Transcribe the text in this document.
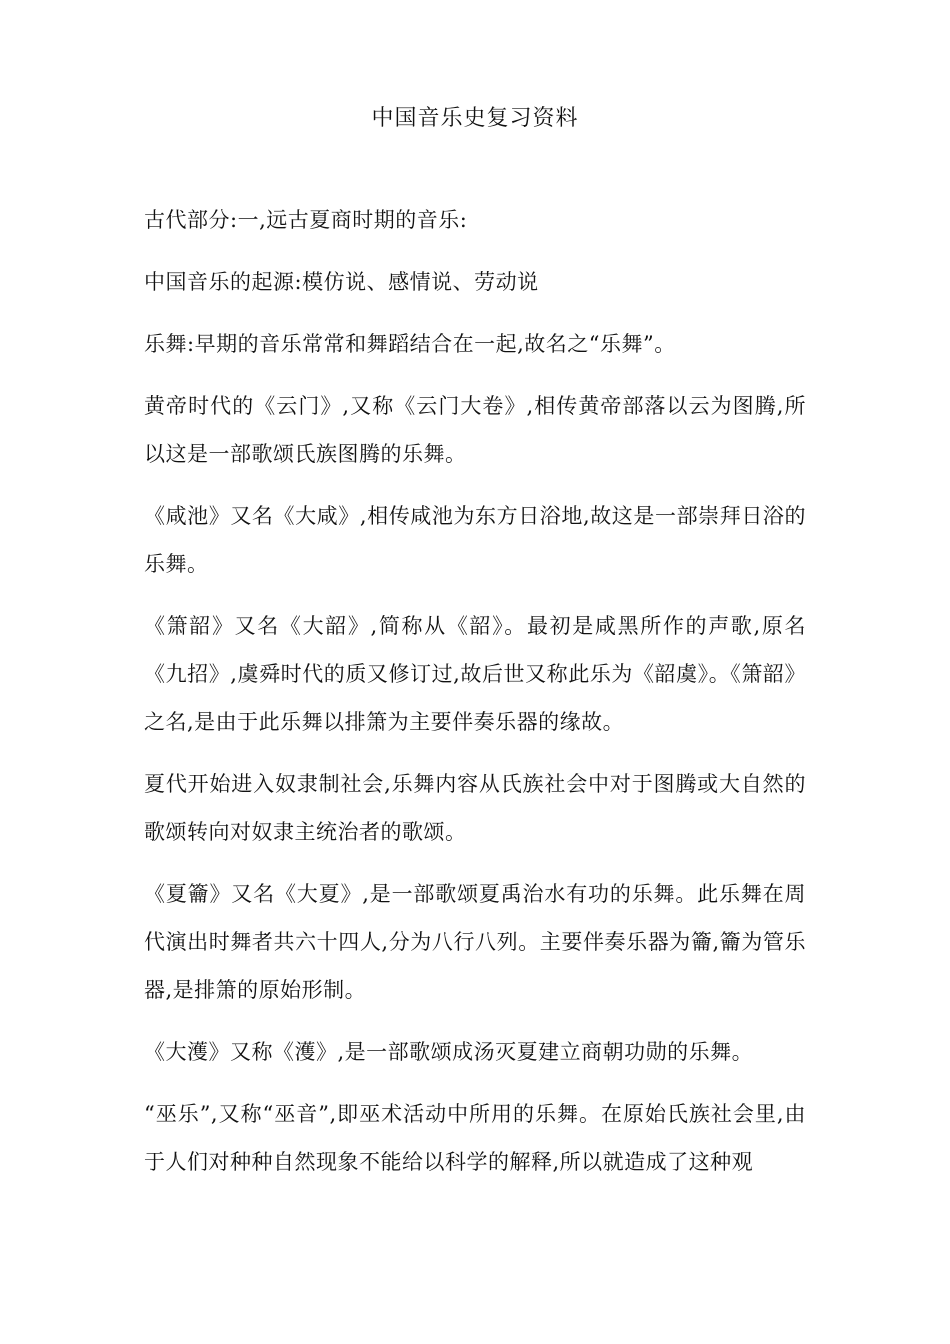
中国音乐史复习资料

古代部分:一,远古夏商时期的音乐:

中国音乐的起源:模仿说、感情说、劳动说

乐舞:早期的音乐常常和舞蹈结合在一起,故名之“乐舞”。

黄帝时代的《云门》,又称《云门大卷》,相传黄帝部落以云为图腾,所以这是一部歌颂氏族图腾的乐舞。

《咸池》又名《大咸》,相传咸池为东方日浴地,故这是一部崇拜日浴的乐舞。

《箫韶》又名《大韶》,简称从《韶》。最初是咸黑所作的声歌,原名《九招》,虞舜时代的质又修订过,故后世又称此乐为《韶虞》。《箫韶》之名,是由于此乐舞以排箫为主要伴奏乐器的缘故。

夏代开始进入奴隶制社会,乐舞内容从氏族社会中对于图腾或大自然的歌颂转向对奴隶主统治者的歌颂。

《夏籥》又名《大夏》,是一部歌颂夏禹治水有功的乐舞。此乐舞在周代演出时舞者共六十四人,分为八行八列。主要伴奏乐器为籥,籥为管乐器,是排箫的原始形制。

《大濩》又称《濩》,是一部歌颂成汤灭夏建立商朝功勋的乐舞。

“巫乐”,又称“巫音”,即巫术活动中所用的乐舞。在原始氏族社会里,由于人们对种种自然现象不能给以科学的解释,所以就造成了这种观
